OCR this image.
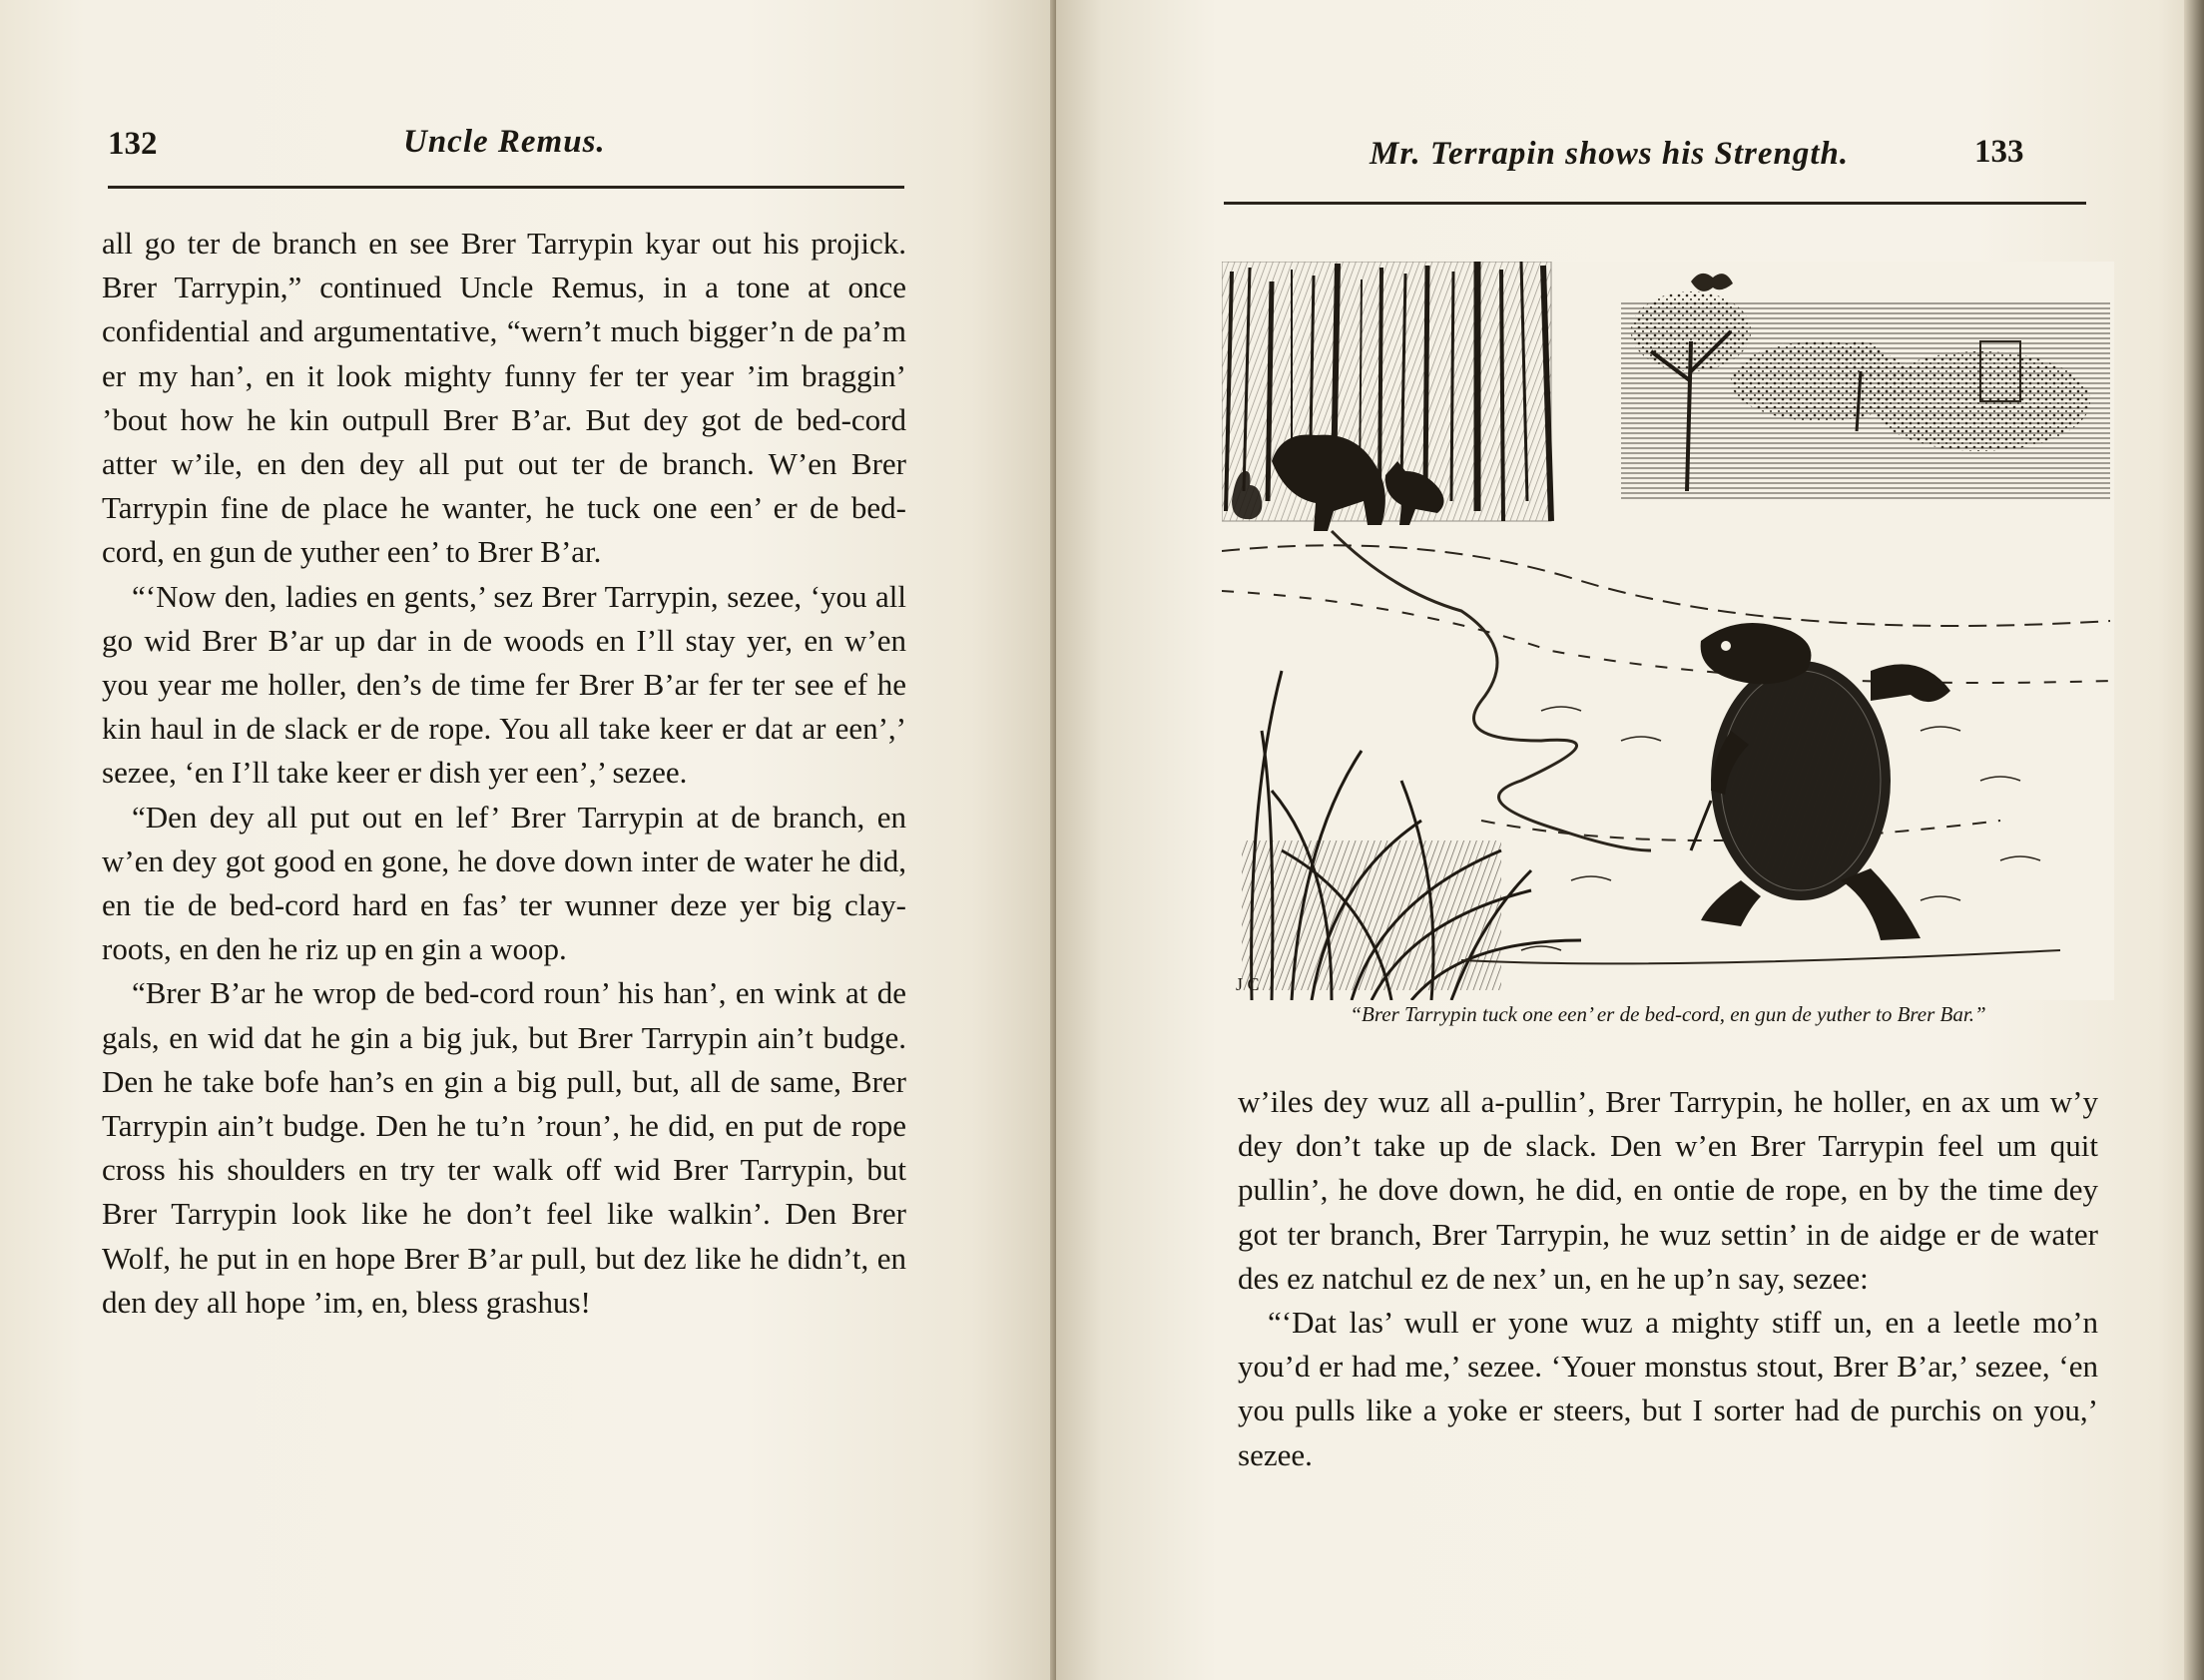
132	Uncle Remus.

all go ter de branch en see Brer Tarrypin kyar out his projick. Brer Tarrypin,” continued Uncle Remus, in a tone at once confidential and argumentative, “wern’t much bigger’n de pa’m er my han’, en it look mighty funny fer ter year ’im braggin’ ’bout how he kin outpull Brer B’ar. But dey got de bed-cord atter w’ile, en den dey all put out ter de branch. W’en Brer Tarrypin fine de place he wanter, he tuck one een’ er de bed-cord, en gun de yuther een’ to Brer B’ar.

“‘Now den, ladies en gents,’ sez Brer Tarrypin, sezee, ‘you all go wid Brer B’ar up dar in de woods en I’ll stay yer, en w’en you year me holler, den’s de time fer Brer B’ar fer ter see ef he kin haul in de slack er de rope. You all take keer er dat ar een’,’ sezee, ‘en I’ll take keer er dish yer een’,’ sezee.

“Den dey all put out en lef’ Brer Tarrypin at de branch, en w’en dey got good en gone, he dove down inter de water he did, en tie de bed-cord hard en fas’ ter wunner deze yer big clay-roots, en den he riz up en gin a woop.

“Brer B’ar he wrop de bed-cord roun’ his han’, en wink at de gals, en wid dat he gin a big juk, but Brer Tarrypin ain’t budge. Den he take bofe han’s en gin a big pull, but, all de same, Brer Tarrypin ain’t budge. Den he tu’n ’roun’, he did, en put de rope cross his shoulders en try ter walk off wid Brer Tarrypin, but Brer Tarrypin look like he don’t feel like walkin’. Den Brer Wolf, he put in en hope Brer B’ar pull, but dez like he didn’t, en den dey all hope ’im, en, bless grashus!

Mr. Terrapin shows his Strength.	133
J C
“Brer Tarrypin tuck one een’ er de bed-cord, en gun de yuther to Brer Bar.”

w’iles dey wuz all a-pullin’, Brer Tarrypin, he holler, en ax um w’y dey don’t take up de slack. Den w’en Brer Tarrypin feel um quit pullin’, he dove down, he did, en ontie de rope, en by the time dey got ter branch, Brer Tarrypin, he wuz settin’ in de aidge er de water des ez natchul ez de nex’ un, en he up’n say, sezee:

“‘Dat las’ wull er yone wuz a mighty stiff un, en a leetle mo’n you’d er had me,’ sezee. ‘Youer monstus stout, Brer B’ar,’ sezee, ‘en you pulls like a yoke er steers, but I sorter had de purchis on you,’ sezee.
